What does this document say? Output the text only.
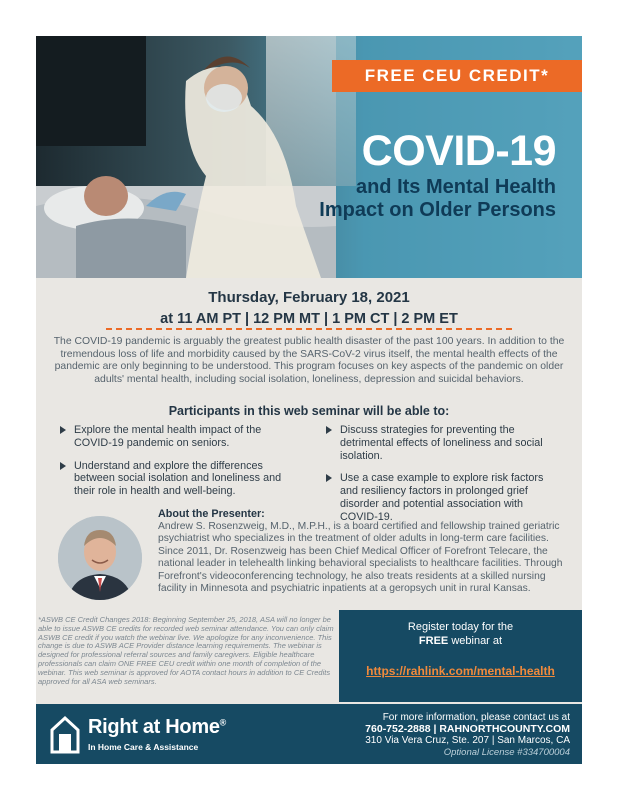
FREE CEU CREDIT*
COVID-19
and Its Mental Health Impact on Older Persons
Thursday, February 18, 2021
at 11 AM PT | 12 PM MT | 1 PM CT | 2 PM ET

The COVID-19 pandemic is arguably the greatest public health disaster of the past 100 years. In addition to the tremendous loss of life and morbidity caused by the SARS-CoV-2 virus itself, the mental health effects of the pandemic are only beginning to be understood. This program focuses on key aspects of the pandemic on older adults' mental health, including social isolation, loneliness, depression and suicidal behaviors.

Participants in this web seminar will be able to:
Explore the mental health impact of the COVID-19 pandemic on seniors.
Understand and explore the differences between social isolation and loneliness and their role in health and well-being.
Discuss strategies for preventing the detrimental effects of loneliness and social isolation.
Use a case example to explore risk factors and resiliency factors in prolonged grief disorder and potential association with COVID-19.
About the Presenter:

Andrew S. Rosenzweig, M.D., M.P.H., is a board certified and fellowship trained geriatric psychiatrist who specializes in the treatment of older adults in long-term care facilities. Since 2011, Dr. Rosenzweig has been Chief Medical Officer of Forefront Telecare, the national leader in telehealth linking behavioral specialists to healthcare facilities. Through Forefront's videoconferencing technology, he also treats residents at a skilled nursing facility in Minnesota and psychiatric inpatients at a geropsych unit in rural Kansas.

*ASWB CE Credit Changes 2018: Beginning September 25, 2018, ASA will no longer be able to issue ASWB CE credits for recorded web seminar attendance. You can only claim ASWB CE credit if you watch the webinar live. We apologize for any inconvenience. This change is due to ASWB ACE Provider distance learning requirements. The webinar is designed for professional referral sources and family caregivers. Eligible healthcare professionals can claim ONE FREE CEU credit within one month of completion of the webinar. This web seminar is approved for AOTA contact hours in addition to CE Credits approved for all ASA web seminars.

Register today for the
FREE webinar at
https://rahlink.com/mental-health
Right at Home®
In Home Care & Assistance
For more information, please contact us at
760-752-2888 | RAHNORTHCOUNTY.COM
310 Via Vera Cruz, Ste. 207 | San Marcos, CA
Optional License #334700004
